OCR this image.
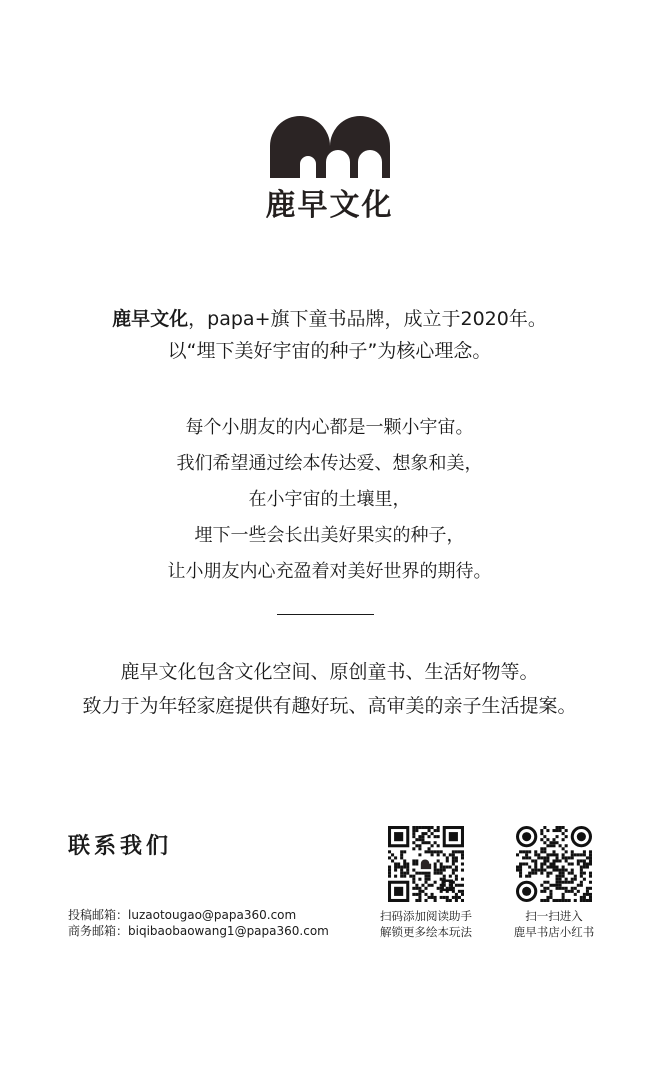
鹿早文化
鹿早文化，papa+旗下童书品牌，成立于2020年。
以“埋下美好宇宙的种子”为核心理念。
每个小朋友的内心都是一颗小宇宙。
我们希望通过绘本传达爱、想象和美，
在小宇宙的土壤里，
埋下一些会长出美好果实的种子，
让小朋友内心充盈着对美好世界的期待。
鹿早文化包含文化空间、原创童书、生活好物等。
致力于为年轻家庭提供有趣好玩、高审美的亲子生活提案。
联系我们
投稿邮箱：luzaotougao@papa360.com
商务邮箱：biqibaobaowang1@papa360.com
扫码添加阅读助手
解锁更多绘本玩法
扫一扫进入
鹿早书店小红书
